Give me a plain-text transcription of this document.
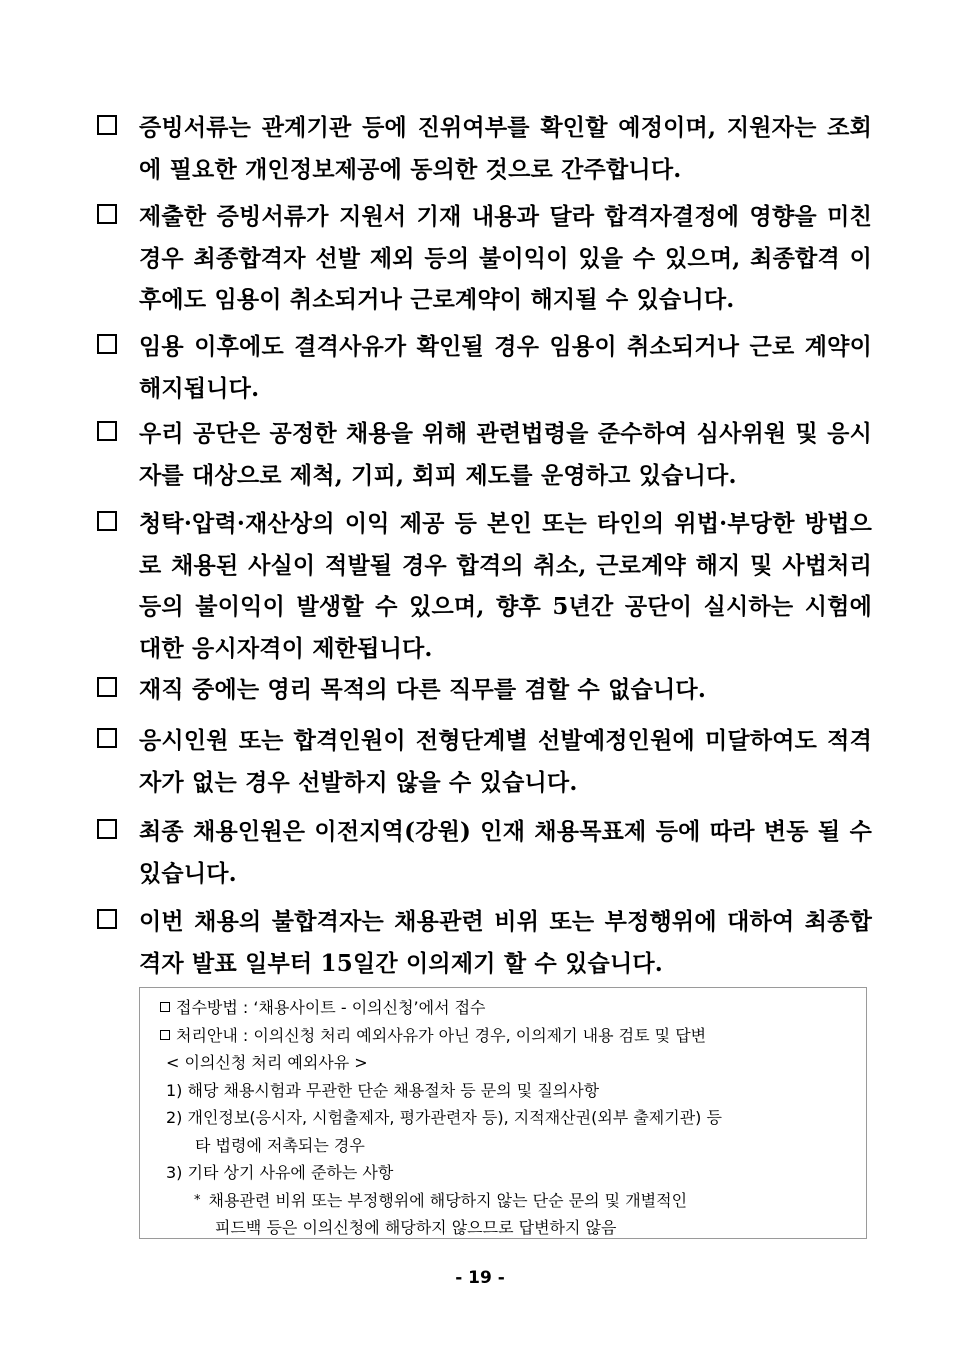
증빙서류는 관계기관 등에 진위여부를 확인할 예정이며, 지원자는 조회에 필요한 개인정보제공에 동의한 것으로 간주합니다.
제출한 증빙서류가 지원서 기재 내용과 달라 합격자결정에 영향을 미친 경우 최종합격자 선발 제외 등의 불이익이 있을 수 있으며, 최종합격 이후에도 임용이 취소되거나 근로계약이 해지될 수 있습니다.
임용 이후에도 결격사유가 확인될 경우 임용이 취소되거나 근로 계약이 해지됩니다.
우리 공단은 공정한 채용을 위해 관련법령을 준수하여 심사위원 및 응시자를 대상으로 제척, 기피, 회피 제도를 운영하고 있습니다.
청탁·압력·재산상의 이익 제공 등 본인 또는 타인의 위법·부당한 방법으로 채용된 사실이 적발될 경우 합격의 취소, 근로계약 해지 및 사법처리 등의 불이익이 발생할 수 있으며, 향후 5년간 공단이 실시하는 시험에 대한 응시자격이 제한됩니다.
재직 중에는 영리 목적의 다른 직무를 겸할 수 없습니다.
응시인원 또는 합격인원이 전형단계별 선발예정인원에 미달하여도 적격자가 없는 경우 선발하지 않을 수 있습니다.
최종 채용인원은 이전지역(강원) 인재 채용목표제 등에 따라 변동 될 수 있습니다.
이번 채용의 불합격자는 채용관련 비위 또는 부정행위에 대하여 최종합격자 발표 일부터 15일간 이의제기 할 수 있습니다.
접수방법 : ‘채용사이트 - 이의신청’에서 접수
처리안내 : 이의신청 처리 예외사유가 아닌 경우, 이의제기 내용 검토 및 답변
< 이의신청 처리 예외사유 >
1) 해당 채용시험과 무관한 단순 채용절차 등 문의 및 질의사항
2) 개인정보(응시자, 시험출제자, 평가관련자 등), 지적재산권(외부 출제기관) 등
타 법령에 저촉되는 경우
3) 기타 상기 사유에 준하는 사항
* 채용관련 비위 또는 부정행위에 해당하지 않는 단순 문의 및 개별적인
피드백 등은 이의신청에 해당하지 않으므로 답변하지 않음
- 19 -
